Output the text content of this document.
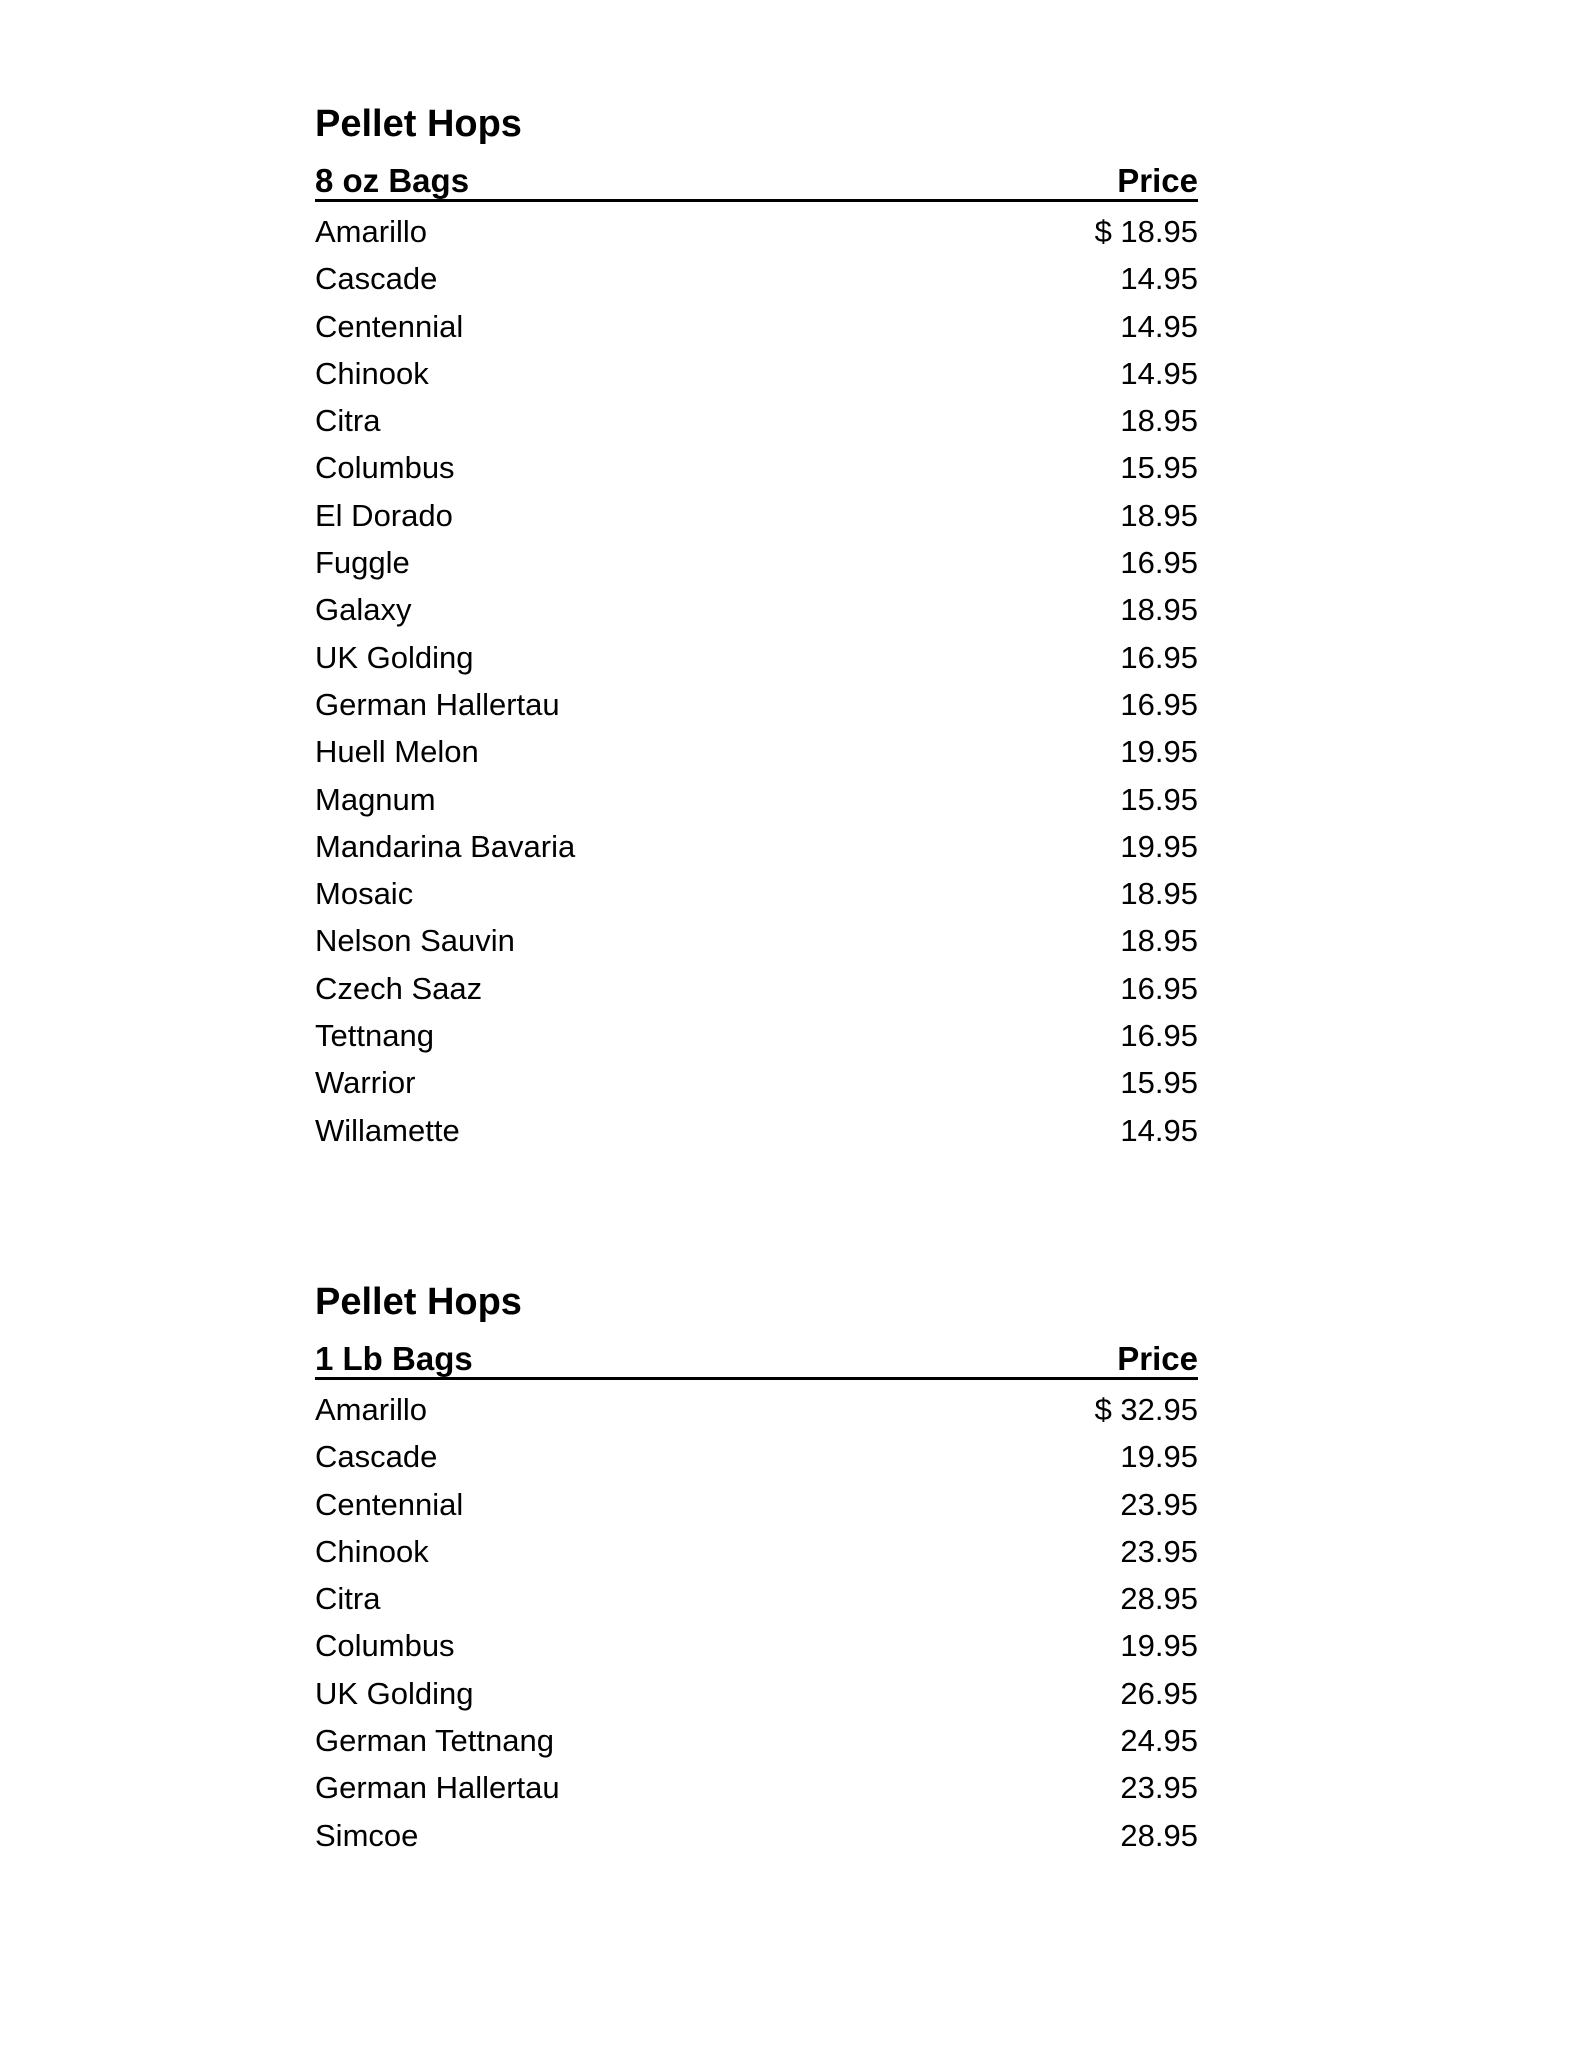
Pellet Hops
8 oz Bags	Price
Amarillo	$ 18.95
Cascade	14.95
Centennial	14.95
Chinook	14.95
Citra	18.95
Columbus	15.95
El Dorado	18.95
Fuggle	16.95
Galaxy	18.95
UK Golding	16.95
German Hallertau	16.95
Huell Melon	19.95
Magnum	15.95
Mandarina Bavaria	19.95
Mosaic	18.95
Nelson Sauvin	18.95
Czech Saaz	16.95
Tettnang	16.95
Warrior	15.95
Willamette	14.95
Pellet Hops
1 Lb Bags	Price
Amarillo	$ 32.95
Cascade	19.95
Centennial	23.95
Chinook	23.95
Citra	28.95
Columbus	19.95
UK Golding	26.95
German Tettnang	24.95
German Hallertau	23.95
Simcoe	28.95
